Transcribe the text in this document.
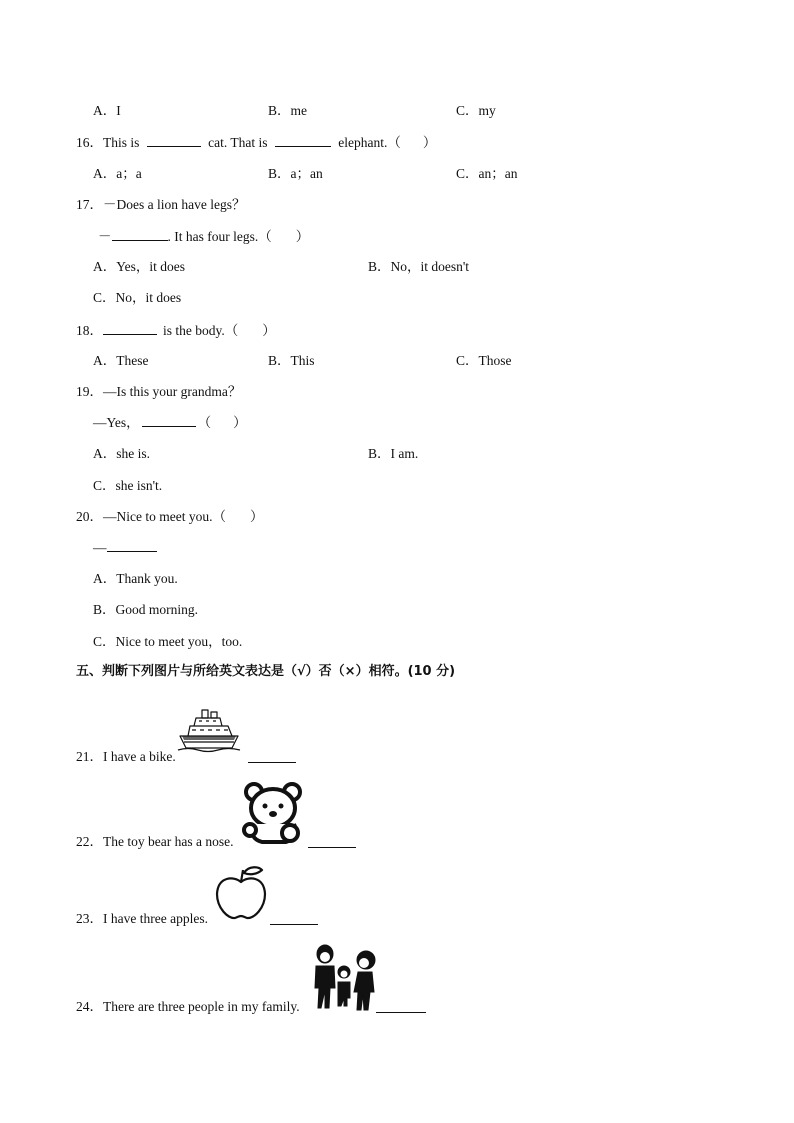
A．I	B．me	C．my
16．This is	cat. That is	elephant.（ ）
A．a；a	B．a；an	C．an；an
17．－Does a lion have legs？
－	. It has four legs.（ ）
A．Yes，it does	B．No，it doesn't
C．No，it does
18．	is the body.（ ）
A．These	B．This	C．Those
19．—Is this your grandma？
—Yes，	（ ）
A．she is.	B．I am.
C．she isn't.
20．—Nice to meet you.（ ）
—
A．Thank you.
B．Good morning.
C．Nice to meet you，too.
五、判断下列图片与所给英文表达是（√）否（×）相符。(10 分)
21．I have a bike.
22．The toy bear has a nose.
23．I have three apples.
24．There are three people in my family.
